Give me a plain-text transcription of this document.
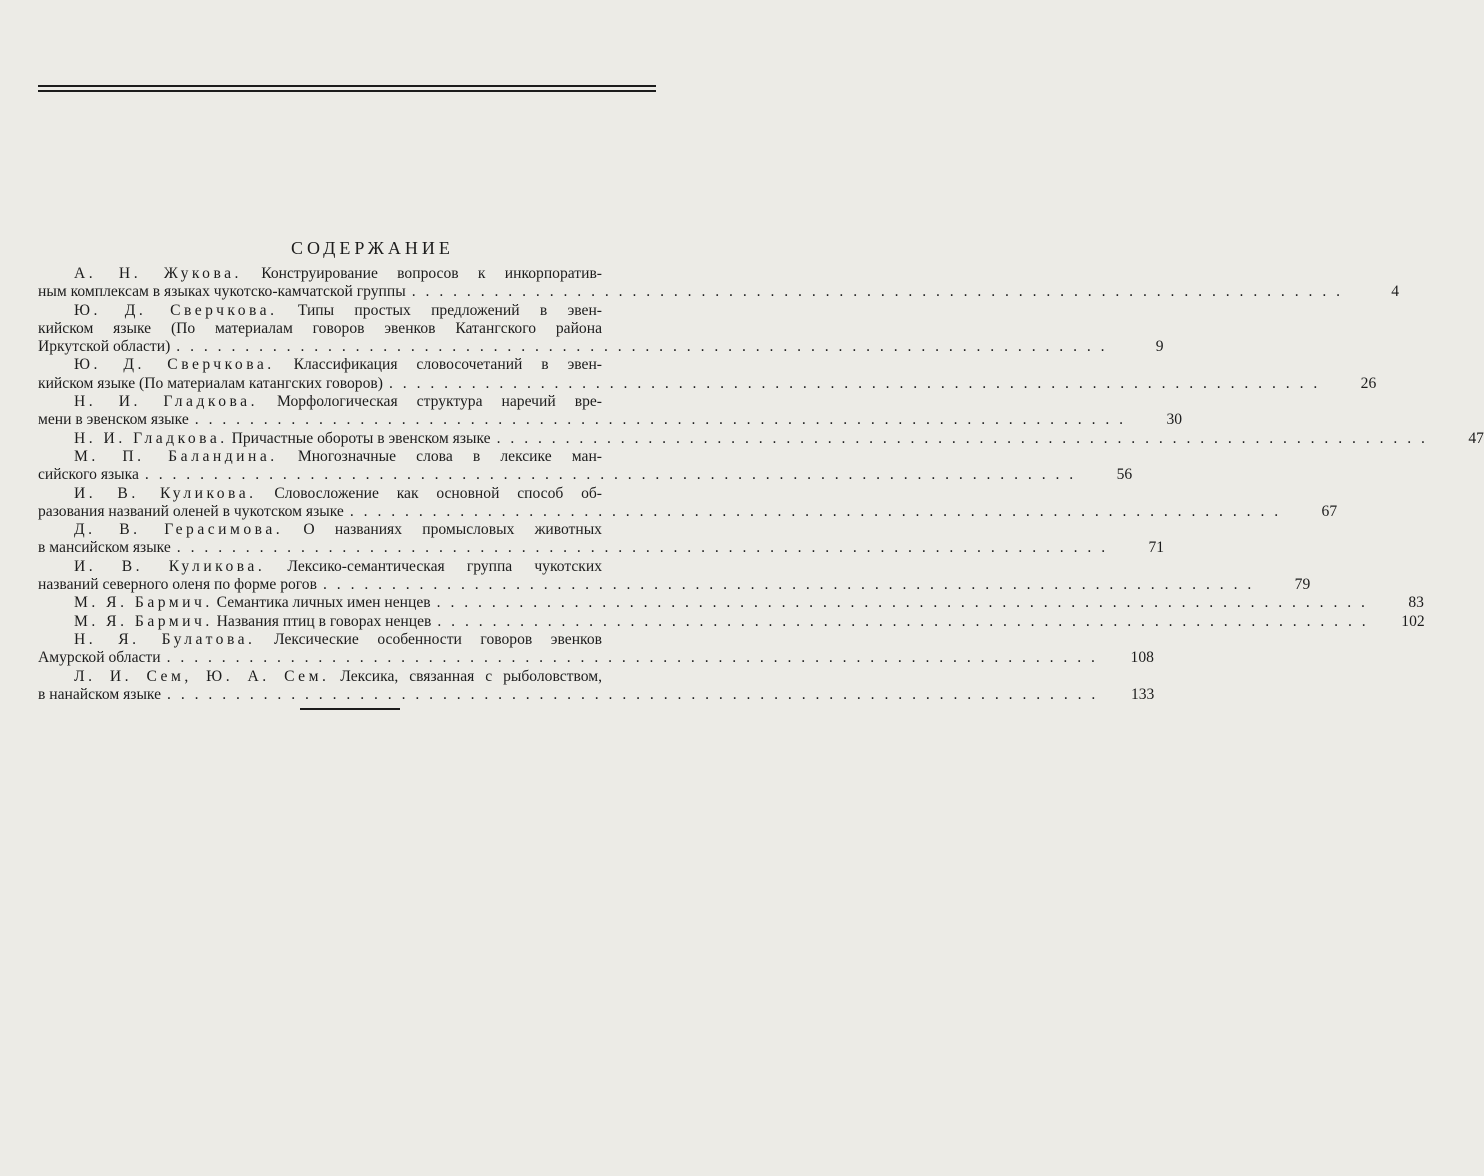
СОДЕРЖАНИЕ
А. Н. Жукова. Конструирование вопросов к инкорпоратив-
ным комплексам в языках чукотско-камчатской группы . . .	4
Ю. Д. Сверчкова. Типы простых предложений в эвен-
кийском языке (По материалам говоров эвенков Катангского района
Иркутской области) . . .	9
Ю. Д. Сверчкова. Классификация словосочетаний в эвен-
кийском языке (По материалам катангских говоров) . . .	26
Н. И. Гладкова. Морфологическая структура наречий вре-
мени в эвенском языке . . .	30
Н. И. Гладкова. Причастные обороты в эвенском языке . . .	47
М. П. Баландина. Многозначные слова в лексике ман-
сийского языка . . .	56
И. В. Куликова. Словосложение как основной способ об-
разования названий оленей в чукотском языке . . .	67
Д. В. Герасимова. О названиях промысловых животных
в мансийском языке . . .	71
И. В. Куликова. Лексико-семантическая группа чукотских
названий северного оленя по форме рогов . . .	79
М. Я. Бармич. Семантика личных имен ненцев . . .	83
М. Я. Бармич. Названия птиц в говорах ненцев . . .	102
Н. Я. Булатова. Лексические особенности говоров эвенков
Амурской области . . .	108
Л. И. Сем, Ю. А. Сем. Лексика, связанная с рыболовством,
в нанайском языке . . .	133
